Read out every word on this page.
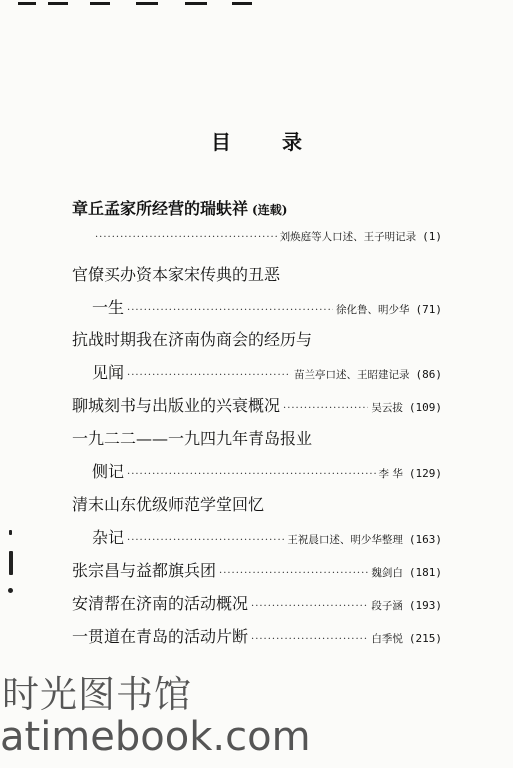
目 录
章丘孟家所经营的瑞蚨祥 (连载)
·····
刘焕庭等人口述、王子明记录 (1)
官僚买办资本家宋传典的丑恶
一生 ·····	徐化鲁、明少华 (71)
抗战时期我在济南伪商会的经历与
见闻 ·····	苗兰亭口述、王昭建记录 (86)
聊城刻书与出版业的兴衰概况 ·····	吴云拔 (109)
一九二二——一九四九年青岛报业
侧记 ·····	李 华 (129)
清末山东优级师范学堂回忆
杂记 ·····	王祝晨口述、明少华整理 (163)
张宗昌与益都旗兵团 ·····	魏剑白 (181)
安清帮在济南的活动概况 ·····	段子涵 (193)
一贯道在青岛的活动片断 ·····	白季悦 (215)
时光图书馆
atimebook.com
